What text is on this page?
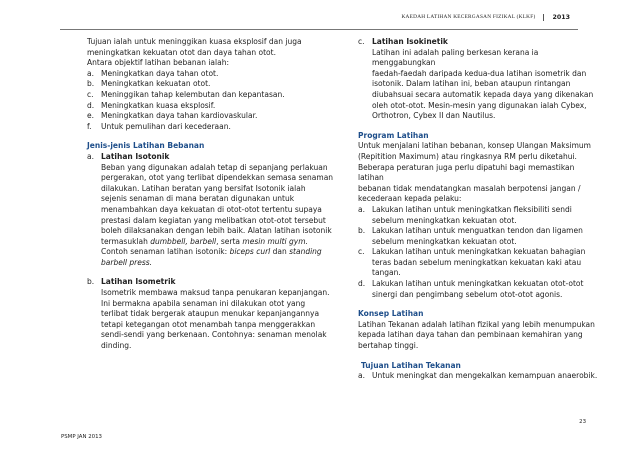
KAEDAH LATIHAN KECERGASAN FIZIKAL (KLKF)	2013

Tujuan ialah untuk meninggikan kuasa eksplosif dan juga

meningkatkan kekuatan otot dan daya tahan otot.

Antara objektif latihan bebanan ialah:

a. Meningkatkan daya tahan otot.
b. Meningkatkan kekuatan otot.
c. Meninggikan tahap kelembutan dan kepantasan.
d. Meningkatkan kuasa eksplosif.
e. Meningkatkan daya tahan kardiovaskular.
f.	Untuk pemulihan dari kecederaan.
Jenis-jenis Latihan Bebanan
a. Latihan Isotonik

Beban yang digunakan adalah tetap di sepanjang perlakuan

pergerakan, otot yang terlibat dipendekkan semasa senaman

dilakukan. Latihan beratan yang bersifat Isotonik ialah

sejenis senaman di mana beratan digunakan untuk

menambahkan daya kekuatan di otot-otot tertentu supaya

prestasi dalam kegiatan yang melibatkan otot-otot tersebut

boleh dilaksanakan dengan lebih baik. Alatan latihan isotonik

termasuklah dumbbell, barbell, serta mesin multi gym.

Contoh senaman latihan isotonik: biceps curl dan standing

barbell press.

b. Latihan Isometrik

Isometrik membawa maksud tanpa penukaran kepanjangan.

Ini bermakna apabila senaman ini dilakukan otot yang

terlibat tidak bergerak ataupun menukar kepanjangannya

tetapi ketegangan otot menambah tanpa menggerakkan

sendi-sendi yang berkenaan. Contohnya: senaman menolak

dinding.

c. Latihan Isokinetik

Latihan ini adalah paling berkesan kerana ia menggabungkan

faedah-faedah daripada kedua-dua latihan isometrik dan

isotonik. Dalam latihan ini, beban ataupun rintangan

diubahsuai secara automatik kepada daya yang dikenakan

oleh otot-otot. Mesin-mesin yang digunakan ialah Cybex,

Orthotron, Cybex II dan Nautilus.

Program Latihan

Untuk menjalani latihan bebanan, konsep Ulangan Maksimum

(Repitition Maximum) atau ringkasnya RM perlu diketahui.

Beberapa peraturan juga perlu dipatuhi bagi memastikan latihan

bebanan tidak mendatangkan masalah berpotensi jangan /

kecederaan kepada pelaku:

a. Lakukan latihan untuk meningkatkan fleksibiliti sendi

sebelum meningkatkan kekuatan otot.

b. Lakukan latihan untuk menguatkan tendon dan ligamen

sebelum meningkatkan kekuatan otot.

c. Lakukan latihan untuk meningkatkan kekuatan bahagian

teras badan sebelum meningkatkan kekuatan kaki atau

tangan.

d. Lakukan latihan untuk meningkatkan kekuatan otot-otot

sinergi dan pengimbang sebelum otot-otot agonis.

Konsep Latihan

Latihan Tekanan adalah latihan fizikal yang lebih menumpukan

kepada latihan daya tahan dan pembinaan kemahiran yang

bertahap tinggi.

Tujuan Latihan Tekanan
a. Untuk meningkat dan mengekalkan kemampuan anaerobik.
23
PSMP JAN 2013
